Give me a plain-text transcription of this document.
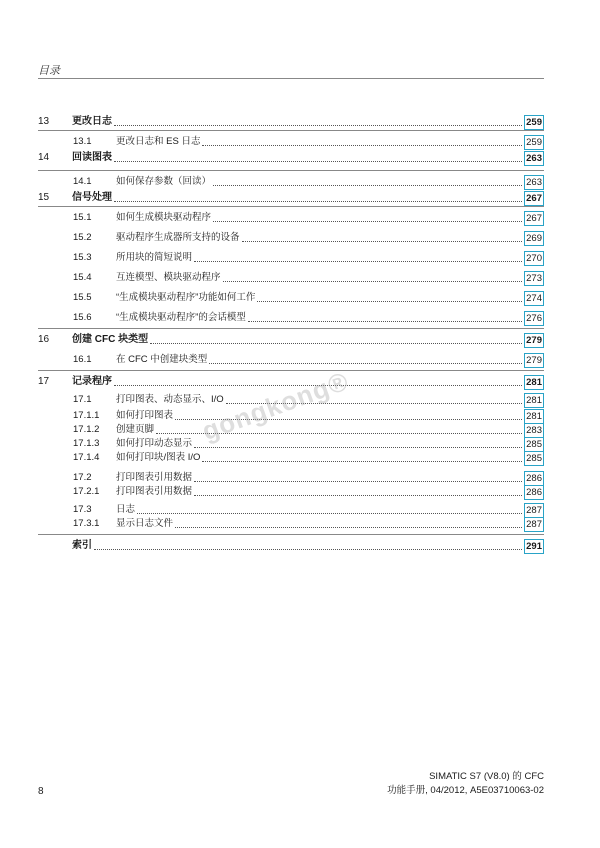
目录
13 更改日志	259
13.1	更改日志和 ES 日志	259
14 回读图表	263
14.1	如何保存参数（回读）	263
15 信号处理	267
15.1	如何生成模块驱动程序	267
15.2	驱动程序生成器所支持的设备	269
15.3	所用块的简短说明	270
15.4	互连模型、模块驱动程序	273
15.5	“生成模块驱动程序”功能如何工作	274
15.6	“生成模块驱动程序”的会话模型	276
16 创建 CFC 块类型	279
16.1	在 CFC 中创建块类型	279
17 记录程序	281
17.1	打印图表、动态显示、I/O	281
17.1.1 如何打印图表	281
17.1.2 创建页脚	283
17.1.3 如何打印动态显示	285
17.1.4 如何打印块/图表 I/O	285
17.2	打印图表引用数据	286
17.2.1 打印图表引用数据	286
17.3	日志	287
17.3.1 显示日志文件	287
索引	291
gongkong®
8
SIMATIC S7 (V8.0) 的 CFC
功能手册, 04/2012, A5E03710063-02
